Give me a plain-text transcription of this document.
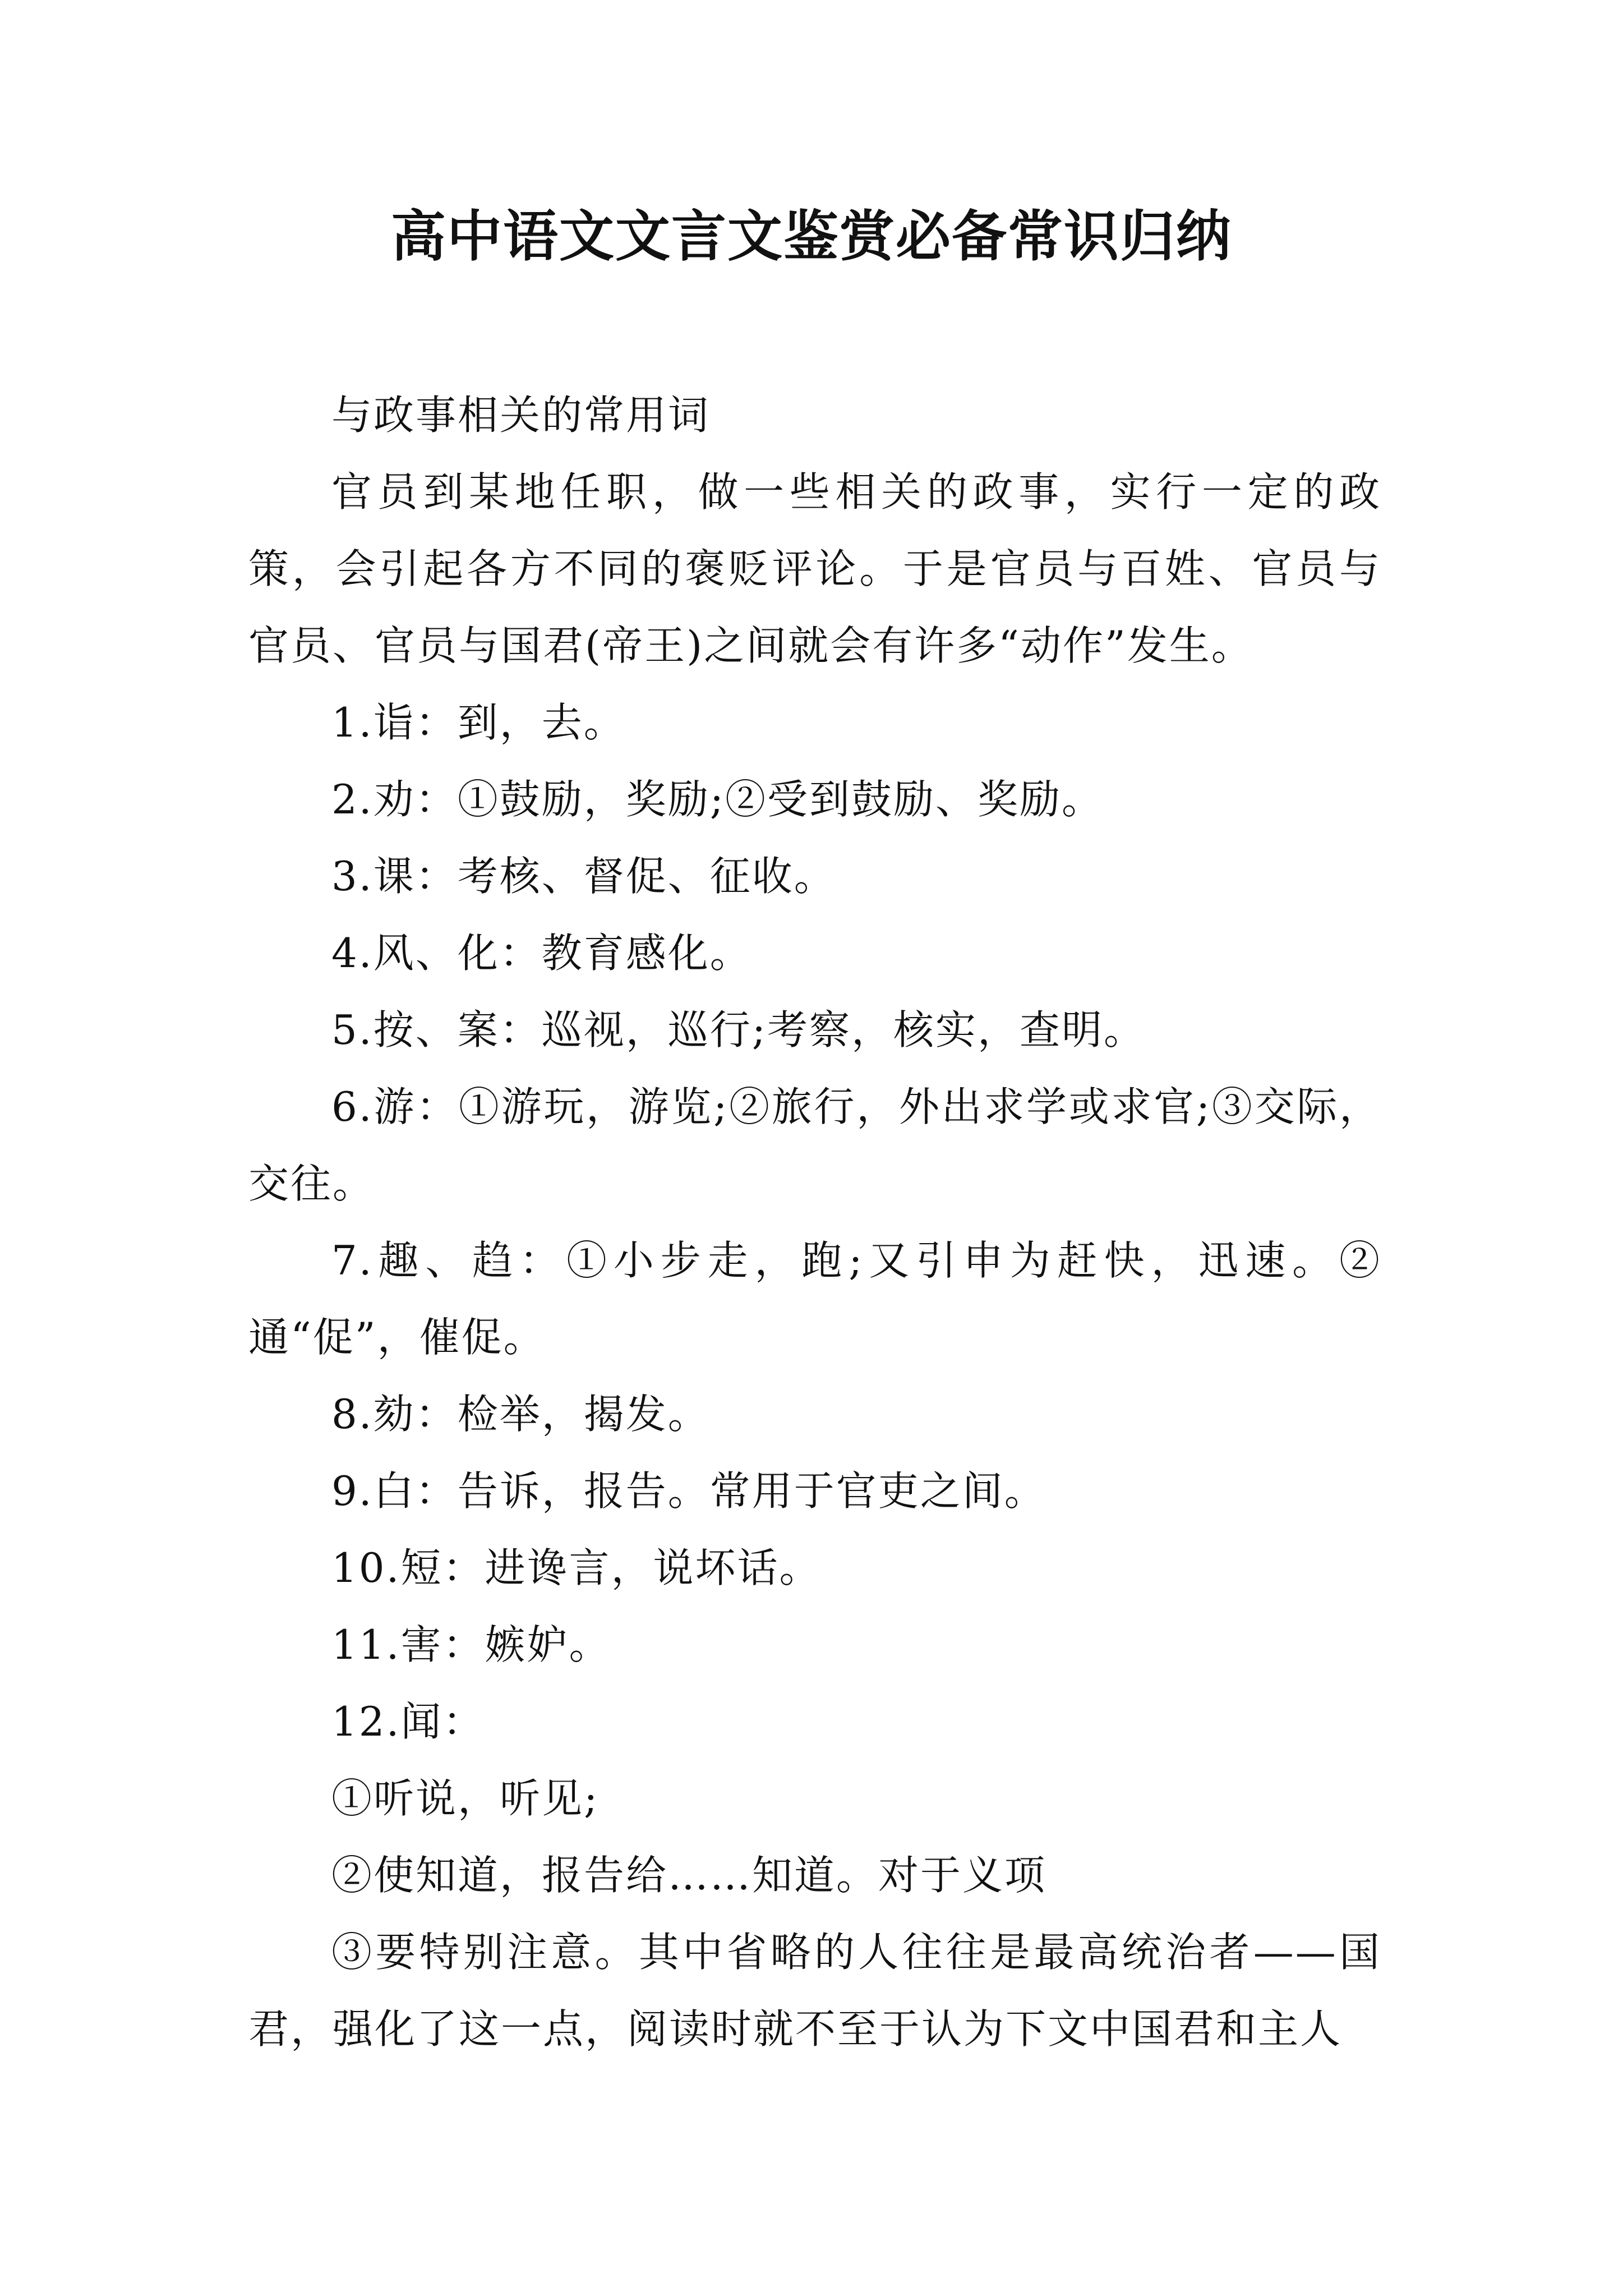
高中语文文言文鉴赏必备常识归纳

与政事相关的常用词

官员到某地任职，做一些相关的政事，实行一定的政策，会引起各方不同的褒贬评论。于是官员与百姓、官员与官员、官员与国君(帝王)之间就会有许多“动作”发生。

1.诣：到，去。

2.劝：①鼓励，奖励;②受到鼓励、奖励。

3.课：考核、督促、征收。

4.风、化：教育感化。

5.按、案：巡视，巡行;考察，核实，查明。

6.游：①游玩，游览;②旅行，外出求学或求官;③交际，交往。

7.趣、趋：①小步走，跑;又引申为赶快，迅速。②通“促”，催促。

8.劾：检举，揭发。

9.白：告诉，报告。常用于官吏之间。

10.短：进谗言，说坏话。

11.害：嫉妒。

12.闻：

①听说，听见;

②使知道，报告给……知道。对于义项

③要特别注意。其中省略的人往往是最高统治者——国君，强化了这一点，阅读时就不至于认为下文中国君和主人
